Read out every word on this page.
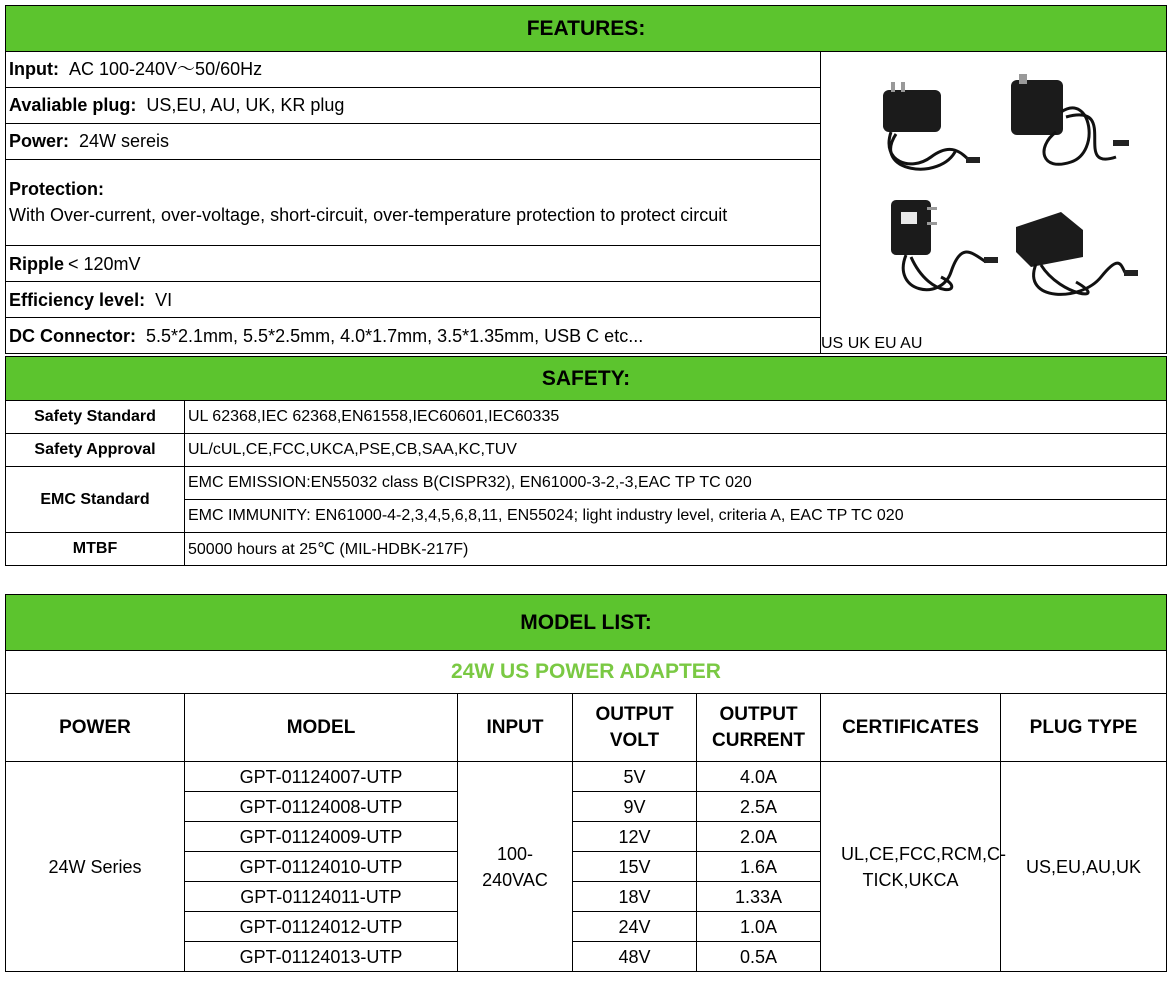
FEATURES:
Input: AC 100-240V～50/60Hz	
US UK EU AU

Avaliable plug: US,EU, AU, UK, KR plug
Power: 24W sereis
Protection:
With Over-current, over-voltage, short-circuit, over-temperature protection to protect circuit
Ripple < 120mV
Efficiency level: VI
DC Connector: 5.5*2.1mm, 5.5*2.5mm, 4.0*1.7mm, 3.5*1.35mm, USB C etc...
SAFETY:	
Safety Standard	UL 62368,IEC 62368,EN61558,IEC60601,IEC60335
Safety Approval	UL/cUL,CE,FCC,UKCA,PSE,CB,SAA,KC,TUV
EMC Standard	EMC EMISSION:EN55032 class B(CISPR32), EN61000-3-2,-3,EAC TP TC 020
	EMC IMMUNITY: EN61000-4-2,3,4,5,6,8,11, EN55024; light industry level, criteria A, EAC TP TC 020
MTBF	50000 hours at 25℃ (MIL-HDBK-217F)
MODEL LIST:						
24W US POWER ADAPTER						
POWER	MODEL	INPUT	OUTPUT VOLT	OUTPUT CURRENT	CERTIFICATES	PLUG TYPE
24W Series	GPT-01124007-UTP	100-240VAC	5V	4.0A	UL,CE,FCC,RCM,C-TICK,UKCA	US,EU,AU,UK
	GPT-01124008-UTP		9V	2.5A		
	GPT-01124009-UTP		12V	2.0A		
	GPT-01124010-UTP		15V	1.6A		
	GPT-01124011-UTP		18V	1.33A		
	GPT-01124012-UTP		24V	1.0A		
	GPT-01124013-UTP		48V	0.5A		
